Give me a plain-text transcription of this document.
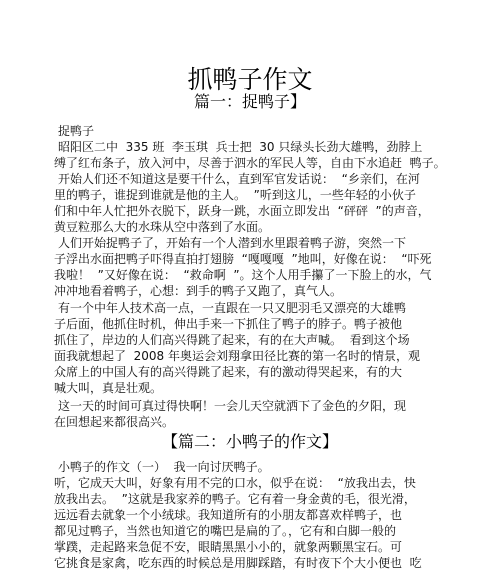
抓鸭子作文
篇一：捉鸭子】
捉鸭子
昭阳区二中  335 班  李玉琪  兵士把  30 只绿头长劲大雄鸭，劲脖上
缚了红布条子，放入河中，尽善于泗水的军民人等，自由下水追赶  鸭子。
开始人们还不知道这是要干什么，直到军官发话说：  “乡亲们，在河
里的鸭子，谁捉到谁就是他的主人。  ”听到这儿，一些年轻的小伙子
们和中年人忙把外衣脱下，跃身一跳，水面立即发出  “砰砰  ”的声音，
黄豆粒那么大的水珠从空中落到了水面。
人们开始捉鸭子了，开始有一个人潜到水里跟着鸭子游，突然一下
子浮出水面把鸭子吓得直拍打翅膀  “嘎嘎嘎  ”地叫，好像在说：  “吓死
我啦！  ”又好像在说：  “救命啊  ”。这个人用手攥了一下脸上的水，气
冲冲地看着鸭子，心想：到手的鸭子又跑了，真气人。
有一个中年人技术高一点，一直跟在一只又肥羽毛又漂亮的大雄鸭
子后面，他抓住时机，伸出手来一下抓住了鸭子的脖子。鸭子被他
抓住了，岸边的人们高兴得跳了起来，有的在大声喊。  看到这个场
面我就想起了  2008 年奥运会刘翔拿田径比赛的第一名时的情景，观
众席上的中国人有的高兴得跳了起来，有的激动得哭起来，有的大
喊大叫，真是壮观。
这一天的时间可真过得快啊！一会儿天空就洒下了金色的夕阳，现
在回想起来都很高兴。
【篇二：小鸭子的作文】
小鸭子的作文（一）  我一向讨厌鸭子。
听，它成天大叫，好象有用不完的口水，似乎在说：  “放我出去，快
放我出去。  ”这就是我家养的鸭子。它有着一身金黄的毛，很光滑，
远远看去就象一个小绒球。我知道所有的小朋友都喜欢样鸭子，也
都见过鸭子，当然也知道它的嘴巴是扁的了。，它有和白脚一般的
掌蹼，走起路来急促不安，眼睛黑黑小小的，就象两颗黑宝石。可
它挑食是家禽，吃东西的时候总是用脚踩踏，有时夜下个大小便也  吃
